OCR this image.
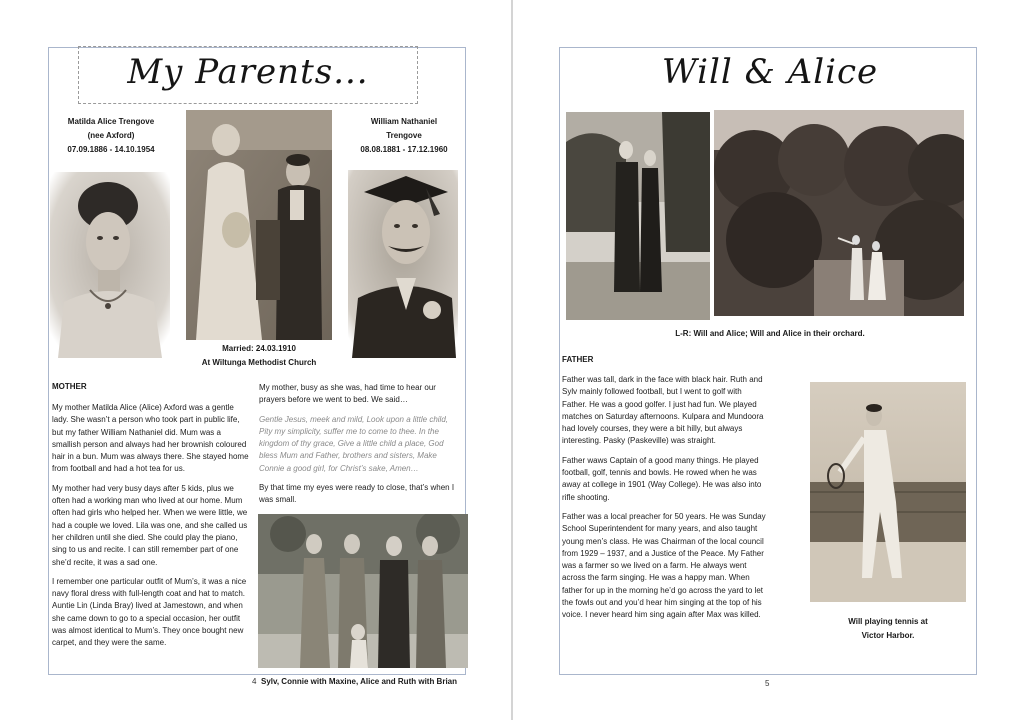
My Parents...
Matilda Alice Trengove
(nee Axford)
07.09.1886 - 14.10.1954
William Nathaniel
Trengove
08.08.1881 - 17.12.1960
Married: 24.03.1910
At Wiltunga Methodist Church
MOTHER

My mother Matilda Alice (Alice) Axford was a gentle lady. She wasn’t a person who took part in public life, but my father William Nathaniel did. Mum was a smallish person and always had her brownish coloured hair in a bun. Mum was always there. She stayed home from football and had a hot tea for us.

My mother had very busy days after 5 kids, plus we often had a working man who lived at our home. Mum often had girls who helped her. When we were little, we had a couple we loved. Lila was one, and she called us her children until she died. She could play the piano, sing to us and recite. I can still remember part of one she’d recite, it was a sad one.

I remember one particular outfit of Mum’s, it was a nice navy floral dress with full-length coat and hat to match. Auntie Lin (Linda Bray) lived at Jamestown, and when she came down to go to a special occasion, her outfit was almost identical to Mum’s. They once bought new carpet, and they were the same.

My mother, busy as she was, had time to hear our prayers before we went to bed. We said…

Gentle Jesus, meek and mild, Look upon a little child, Pity my simplicity, suffer me to come to thee. In the kingdom of thy grace, Give a little child a place, God bless Mum and Father, brothers and sisters, Make Connie a good girl, for Christ’s sake, Amen…

By that time my eyes were ready to close, that’s when I was small.

Sylv, Connie with Maxine, Alice and Ruth with Brian
4
Will & Alice
L-R: Will and Alice; Will and Alice in their orchard.
FATHER

Father was tall, dark in the face with black hair. Ruth and Sylv mainly followed football, but I went to golf with Father. He was a good golfer. I just had fun. We played matches on Saturday afternoons. Kulpara and Mundoora had lovely courses, they were a bit hilly, but always interesting. Pasky (Paskeville) was straight.

Father waws Captain of a good many things. He played football, golf, tennis and bowls. He rowed when he was away at college in 1901 (Way College). He was also into rifle shooting.

Father was a local preacher for 50 years. He was Sunday School Superintendent for many years, and also taught young men’s class. He was Chairman of the local council from 1929 – 1937, and a Justice of the Peace. My Father was a farmer so we lived on a farm. He always went across the farm singing. He was a happy man. When father for up in the morning he’d go across the yard to let the fowls out and you’d hear him singing at the top of his voice. I never heard him sing again after Max was killed.

Will playing tennis at
Victor Harbor.
5
